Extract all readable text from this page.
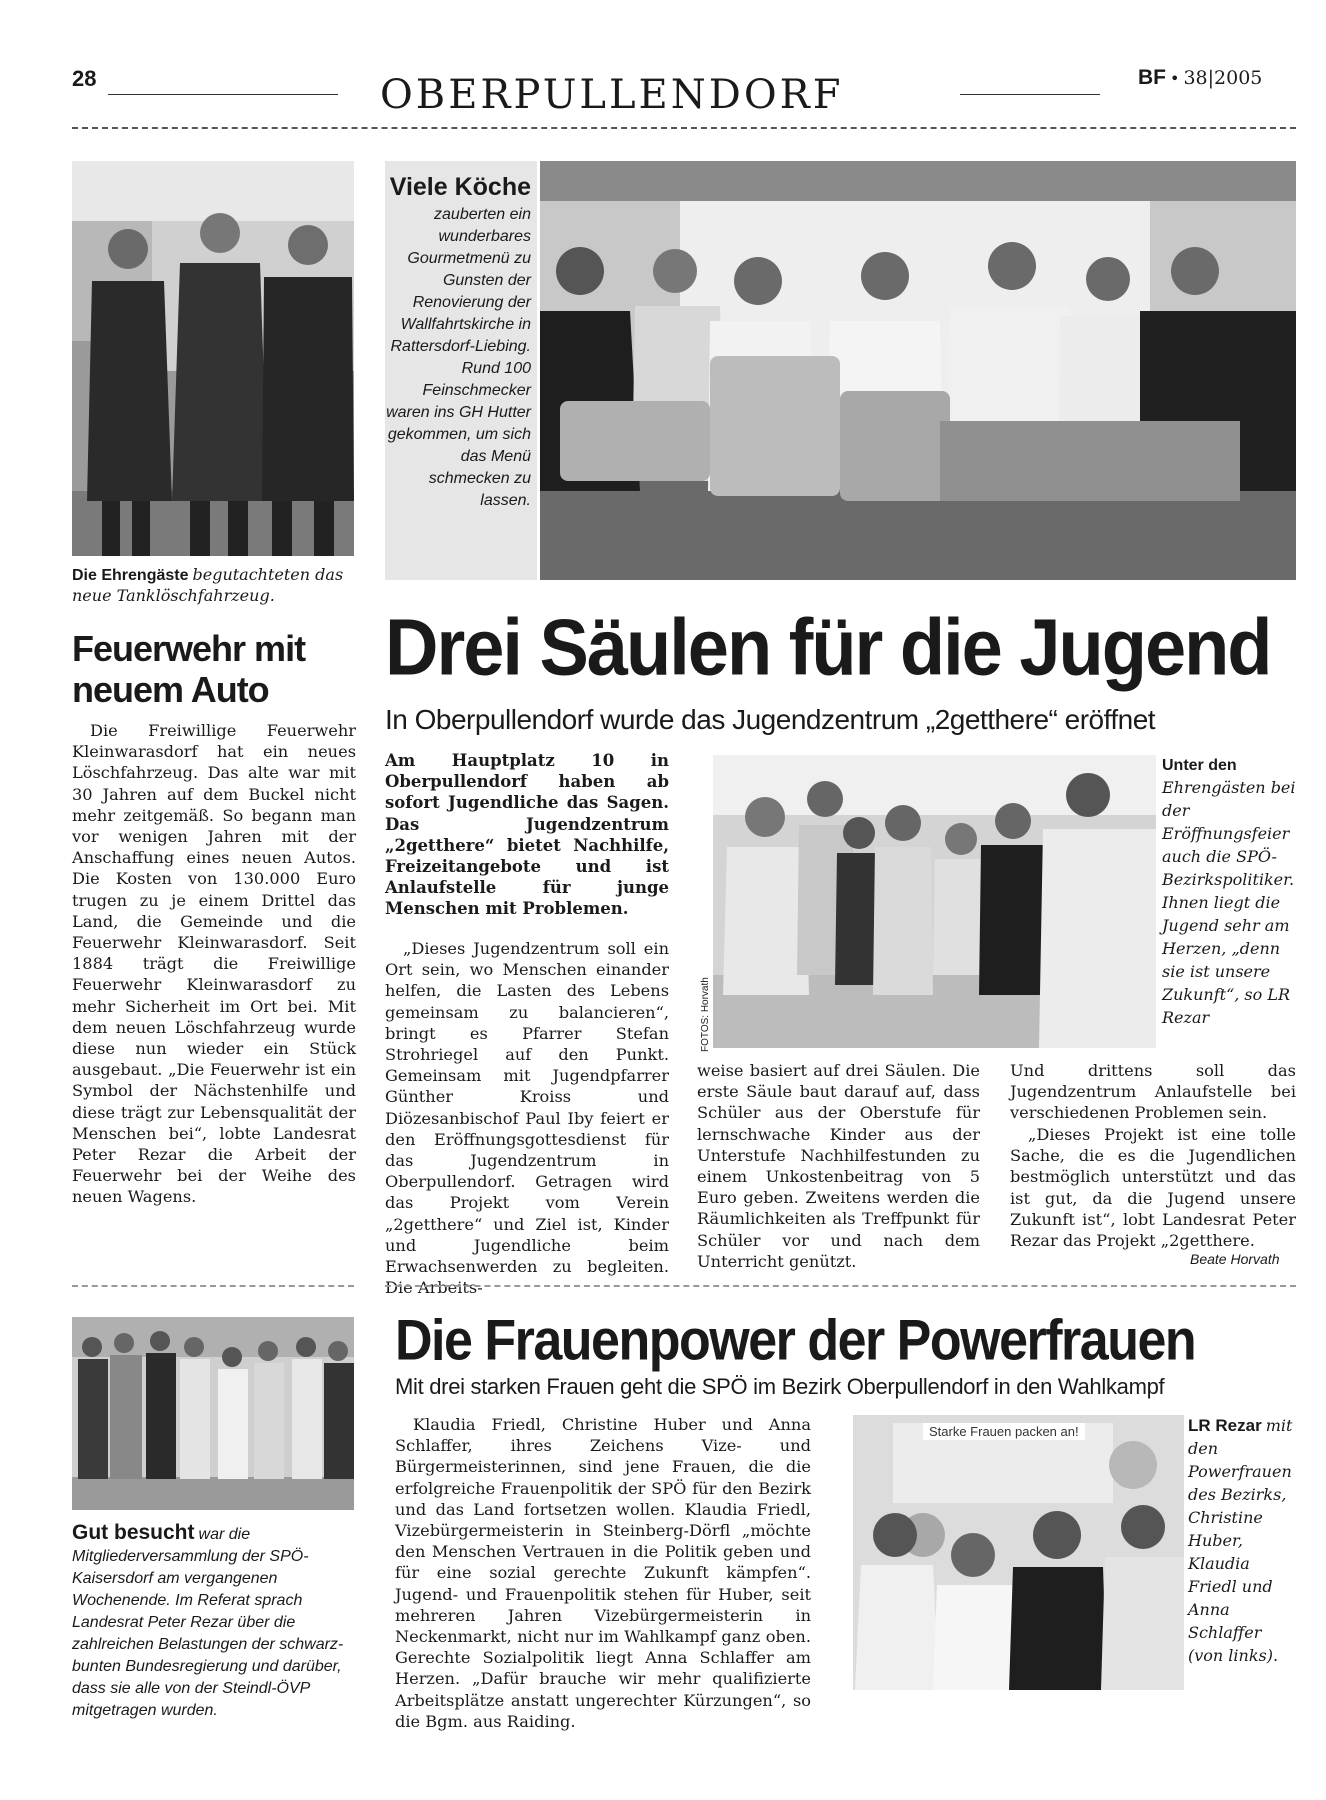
28	OBERPULLENDORF	BF • 38|2005
Die Ehrengäste begutachteten das neue Tanklöschfahrzeug.
Feuerwehr mit neuem Auto

Die Freiwillige Feuerwehr Kleinwarasdorf hat ein neues Löschfahrzeug. Das alte war mit 30 Jahren auf dem Buckel nicht mehr zeitgemäß. So begann man vor wenigen Jahren mit der Anschaffung eines neuen Autos. Die Kosten von 130.000 Euro trugen zu je einem Drittel das Land, die Gemeinde und die Feuerwehr Kleinwarasdorf. Seit 1884 trägt die Freiwillige Feuerwehr Kleinwarasdorf zu mehr Sicherheit im Ort bei. Mit dem neuen Löschfahrzeug wurde diese nun wieder ein Stück ausgebaut. „Die Feuerwehr ist ein Symbol der Nächstenhilfe und diese trägt zur Lebensqualität der Menschen bei“, lobte Landesrat Peter Rezar die Arbeit der Feuerwehr bei der Weihe des neuen Wagens.

Viele Köche
zauberten ein wunderbares Gourmetmenü zu Gunsten der Renovierung der Wallfahrtskirche in Rattersdorf-Liebing. Rund 100 Feinschmecker waren ins GH Hutter gekommen, um sich das Menü schmecken zu lassen.
Drei Säulen für die Jugend
In Oberpullendorf wurde das Jugendzentrum „2getthere“ eröffnet
Am Hauptplatz 10 in Oberpullendorf haben ab sofort Jugendliche das Sagen. Das Jugendzentrum „2getthere“ bietet Nachhilfe, Freizeitangebote und ist Anlaufstelle für junge Menschen mit Problemen.

„Dieses Jugendzentrum soll ein Ort sein, wo Menschen einander helfen, die Lasten des Lebens gemeinsam zu balancieren“, bringt es Pfarrer Stefan Strohriegel auf den Punkt. Gemeinsam mit Jugendpfarrer Günther Kroiss und Diözesanbischof Paul Iby feiert er den Eröffnungsgottesdienst für das Jugendzentrum in Oberpullendorf. Getragen wird das Projekt vom Verein „2getthere“ und Ziel ist, Kinder und Jugendliche beim Erwachsenwerden zu begleiten. Die Arbeits-

FOTOS: Horvath
Unter den Ehrengästen bei der Eröffnungsfeier auch die SPÖ-Bezirkspolitiker. Ihnen liegt die Jugend sehr am Herzen, „denn sie ist unsere Zukunft“, so LR Rezar

weise basiert auf drei Säulen. Die erste Säule baut darauf auf, dass Schüler aus der Oberstufe für lernschwache Kinder aus der Unterstufe Nachhilfestunden zu einem Unkostenbeitrag von 5 Euro geben. Zweitens werden die Räumlichkeiten als Treffpunkt für Schüler vor und nach dem Unterricht genützt.

Und drittens soll das Jugendzentrum Anlaufstelle bei verschiedenen Problemen sein.

„Dieses Projekt ist eine tolle Sache, die es die Jugendlichen bestmöglich unterstützt und das ist gut, da die Jugend unsere Zukunft ist“, lobt Landesrat Peter Rezar das Projekt „2getthere.

Beate Horvath
Gut besucht war die Mitgliederversammlung der SPÖ-Kaisersdorf am vergangenen Wochenende. Im Referat sprach Landesrat Peter Rezar über die zahlreichen Belastungen der schwarz-bunten Bundesregierung und darüber, dass sie alle von der Steindl-ÖVP mitgetragen wurden.
Die Frauenpower der Powerfrauen
Mit drei starken Frauen geht die SPÖ im Bezirk Oberpullendorf in den Wahlkampf

Klaudia Friedl, Christine Huber und Anna Schlaffer, ihres Zeichens Vize- und Bürgermeisterinnen, sind jene Frauen, die die erfolgreiche Frauenpolitik der SPÖ für den Bezirk und das Land fortsetzen wollen. Klaudia Friedl, Vizebürgermeisterin in Steinberg-Dörfl „möchte den Menschen Vertrauen in die Politik geben und für eine sozial gerechte Zukunft kämpfen“. Jugend- und Frauenpolitik stehen für Huber, seit mehreren Jahren Vizebürgermeisterin in Neckenmarkt, nicht nur im Wahlkampf ganz oben. Gerechte Sozialpolitik liegt Anna Schlaffer am Herzen. „Dafür brauche wir mehr qualifizierte Arbeitsplätze anstatt ungerechter Kürzungen“, so die Bgm. aus Raiding.

Starke Frauen packen an!	LR Rezar mit den Powerfrauen des Bezirks, Christine Huber, Klaudia Friedl und Anna Schlaffer (von links).
